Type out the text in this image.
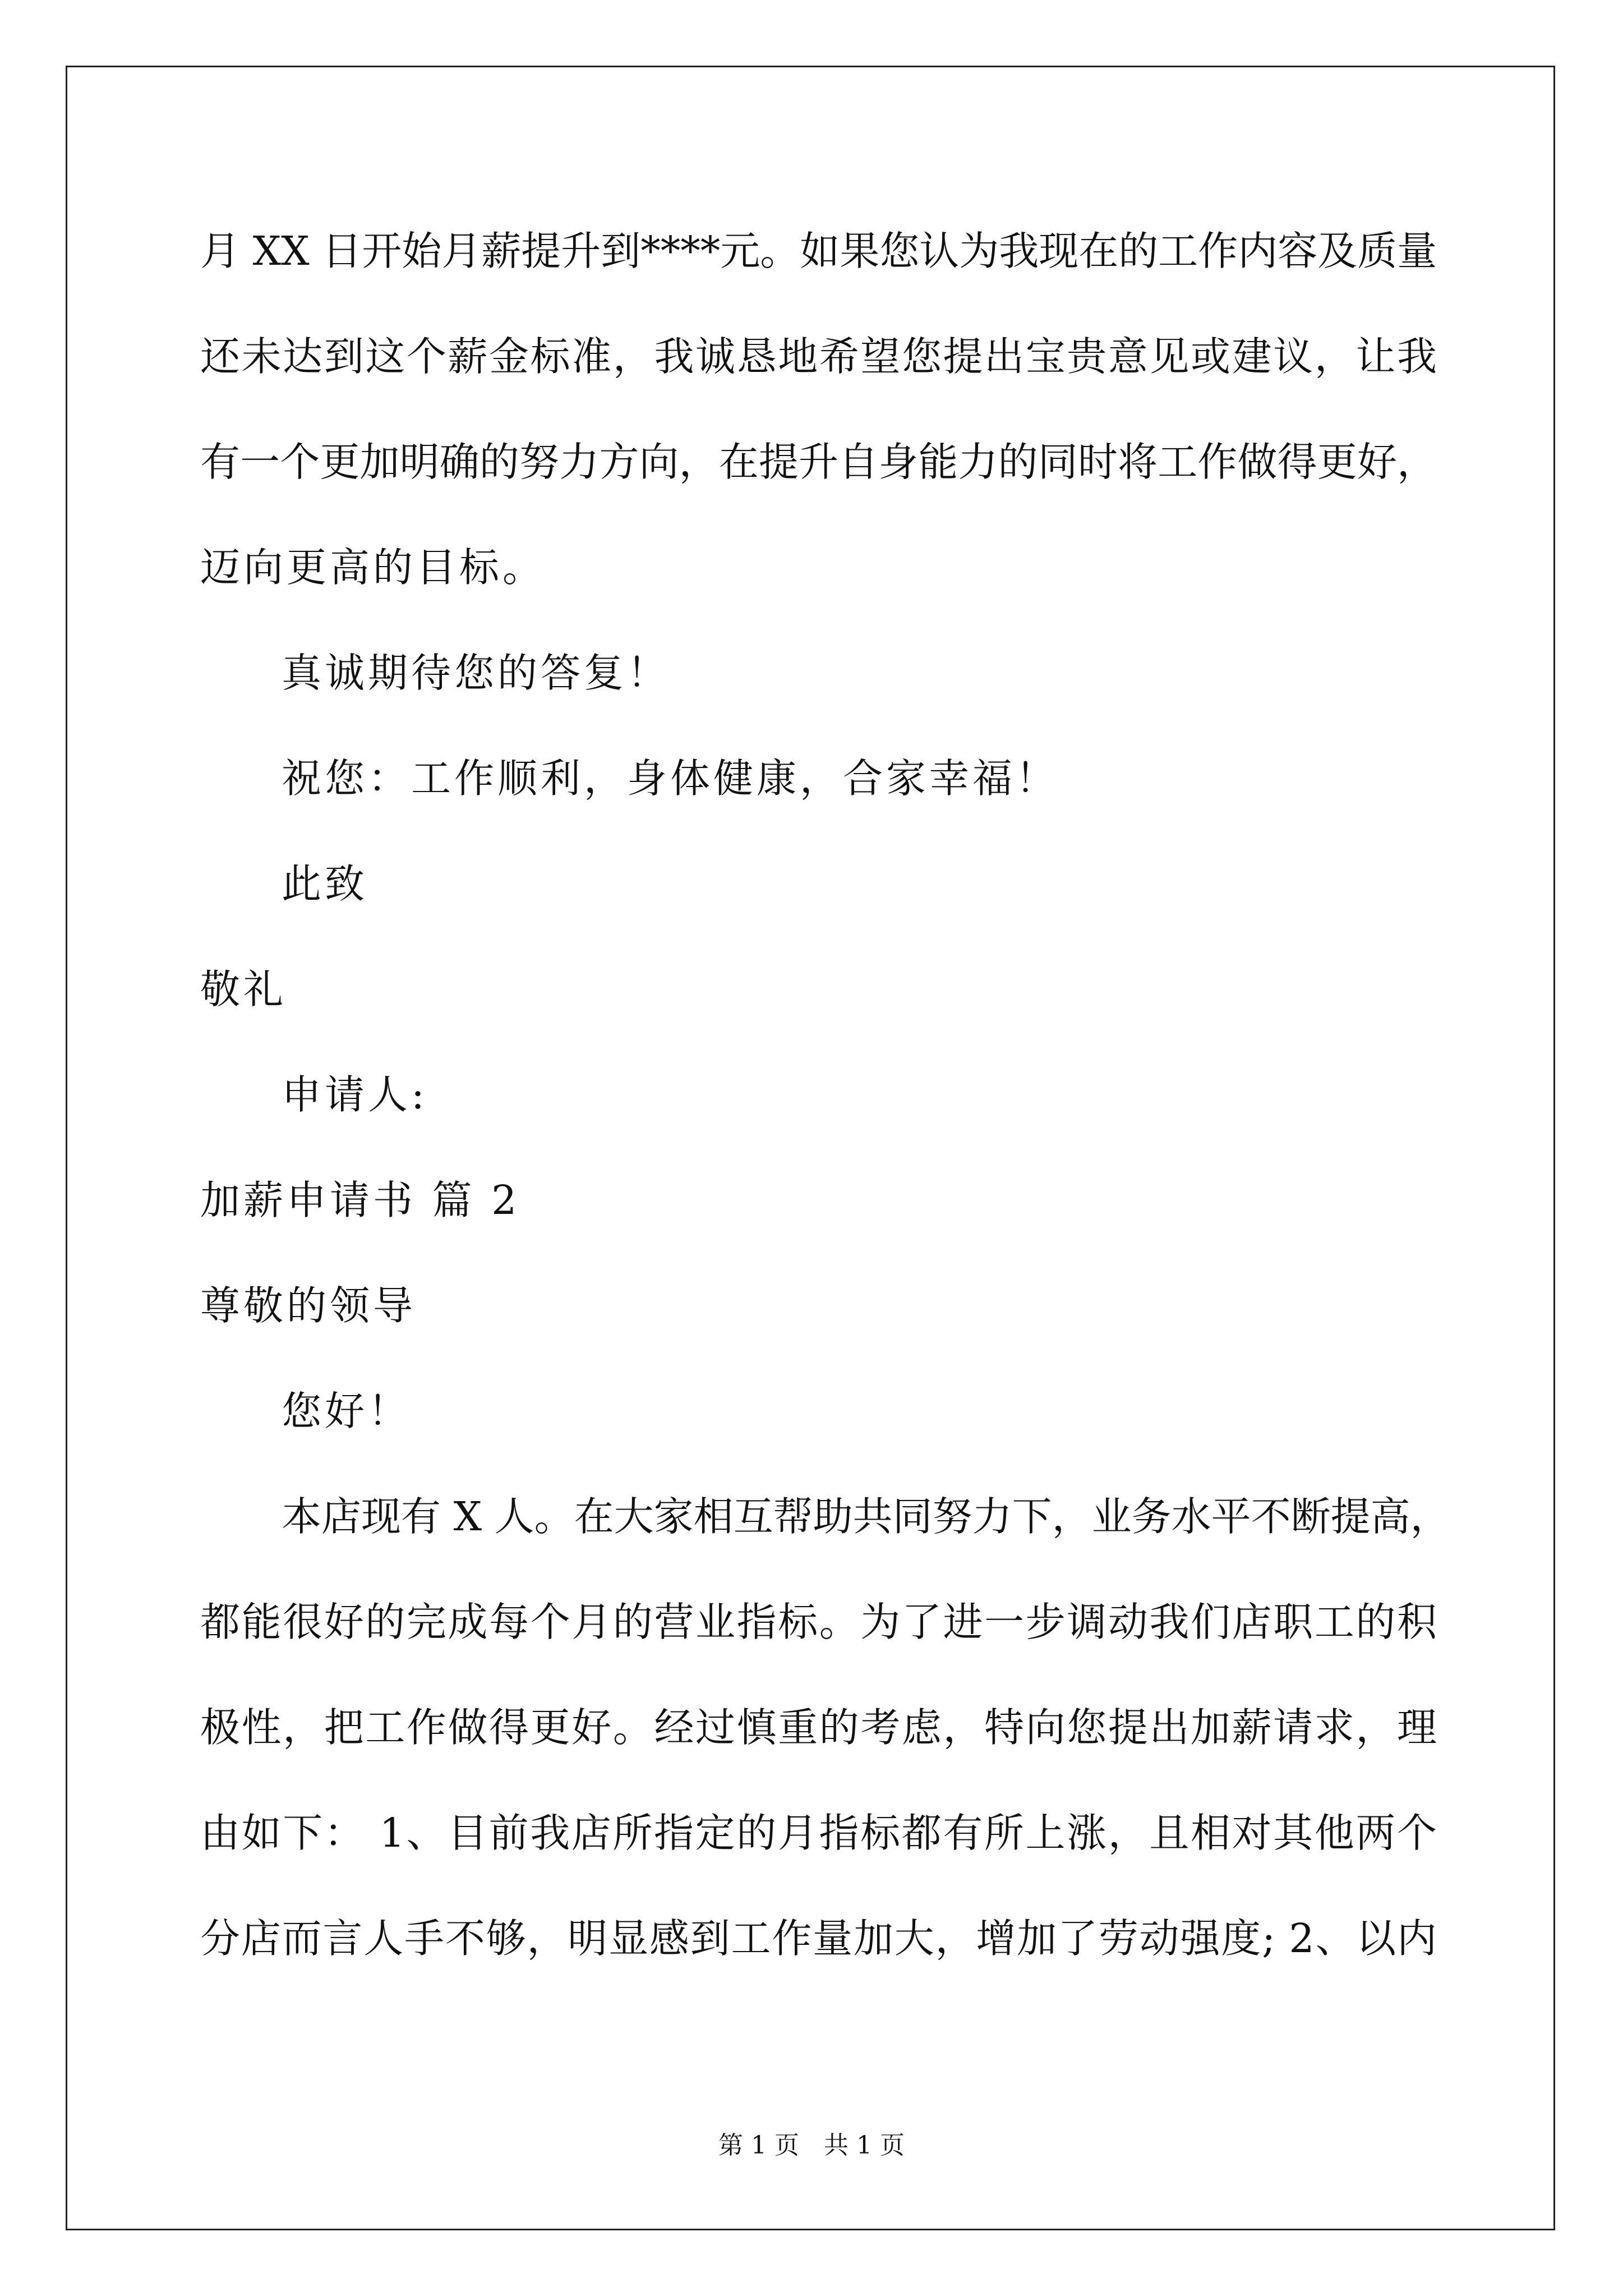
月 XX 日开始月薪提升到****元。如果您认为我现在的工作内容及质量
还未达到这个薪金标准，我诚恳地希望您提出宝贵意见或建议，让我
有一个更加明确的努力方向，在提升自身能力的同时将工作做得更好，
迈向更高的目标。
真诚期待您的答复！
祝您：工作顺利，身体健康，合家幸福！
此致
敬礼
申请人:
加薪申请书 篇 2
尊敬的领导
您好！
本店现有 X 人。在大家相互帮助共同努力下，业务水平不断提高，
都能很好的完成每个月的营业指标。为了进一步调动我们店职工的积
极性，把工作做得更好。经过慎重的考虑，特向您提出加薪请求，理
由如下： 1、目前我店所指定的月指标都有所上涨，且相对其他两个
分店而言人手不够，明显感到工作量加大，增加了劳动强度; 2、以内
第 1 页　共 1 页
